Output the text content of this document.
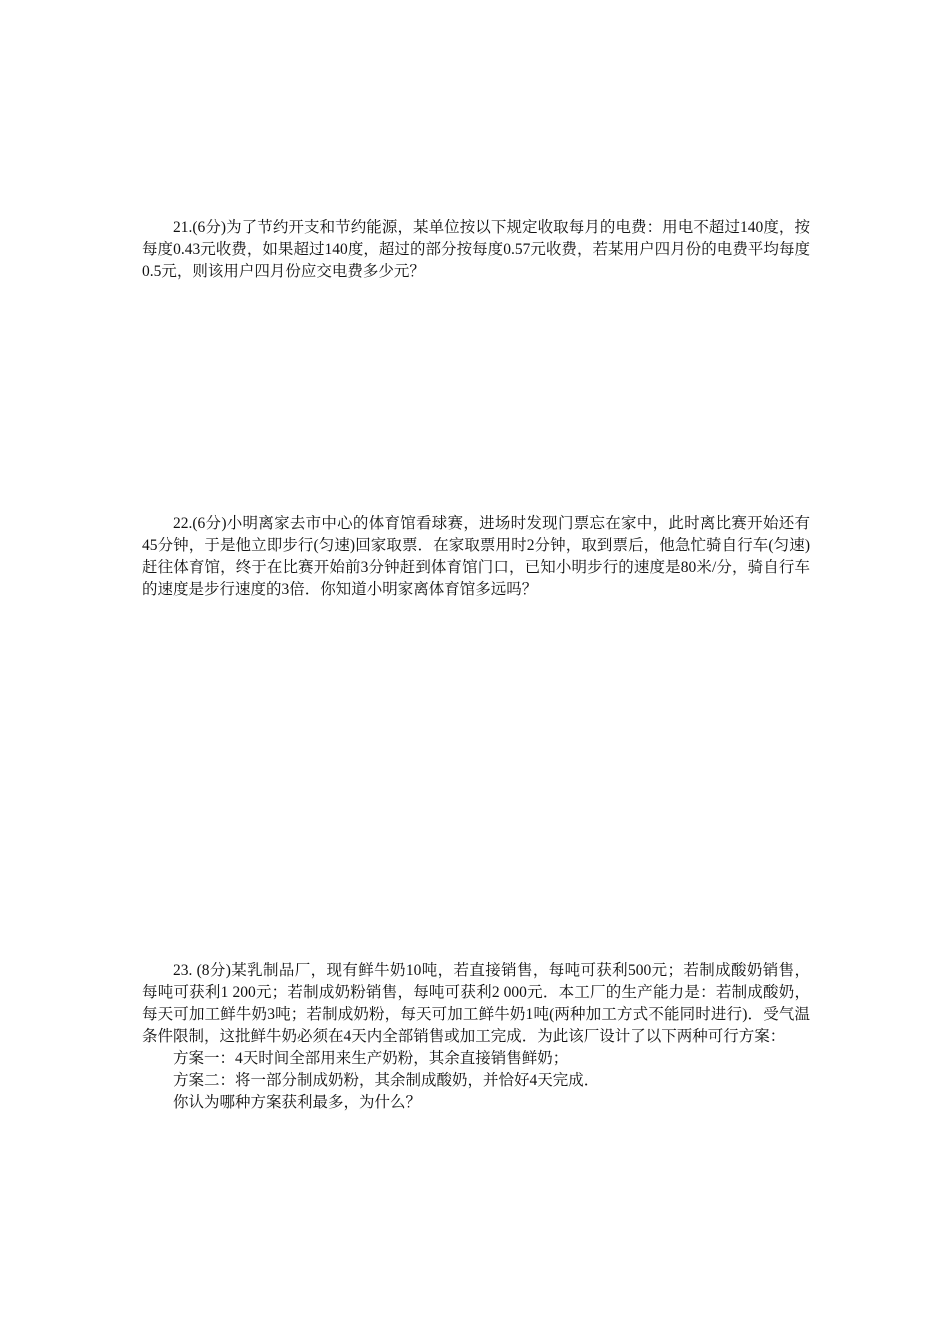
21.(6分)为了节约开支和节约能源，某单位按以下规定收取每月的电费：用电不超过140度，按每度0.43元收费，如果超过140度，超过的部分按每度0.57元收费，若某用户四月份的电费平均每度0.5元，则该用户四月份应交电费多少元？

22.(6分)小明离家去市中心的体育馆看球赛，进场时发现门票忘在家中，此时离比赛开始还有45分钟，于是他立即步行(匀速)回家取票．在家取票用时2分钟，取到票后，他急忙骑自行车(匀速)赶往体育馆，终于在比赛开始前3分钟赶到体育馆门口，已知小明步行的速度是80米/分，骑自行车的速度是步行速度的3倍．你知道小明家离体育馆多远吗？

23. (8分)某乳制品厂，现有鲜牛奶10吨，若直接销售，每吨可获利500元；若制成酸奶销售，每吨可获利1 200元；若制成奶粉销售，每吨可获利2 000元．本工厂的生产能力是：若制成酸奶，每天可加工鲜牛奶3吨；若制成奶粉，每天可加工鲜牛奶1吨(两种加工方式不能同时进行)．受气温条件限制，这批鲜牛奶必须在4天内全部销售或加工完成．为此该厂设计了以下两种可行方案：

方案一：4天时间全部用来生产奶粉，其余直接销售鲜奶；

方案二：将一部分制成奶粉，其余制成酸奶，并恰好4天完成．

你认为哪种方案获利最多，为什么？
